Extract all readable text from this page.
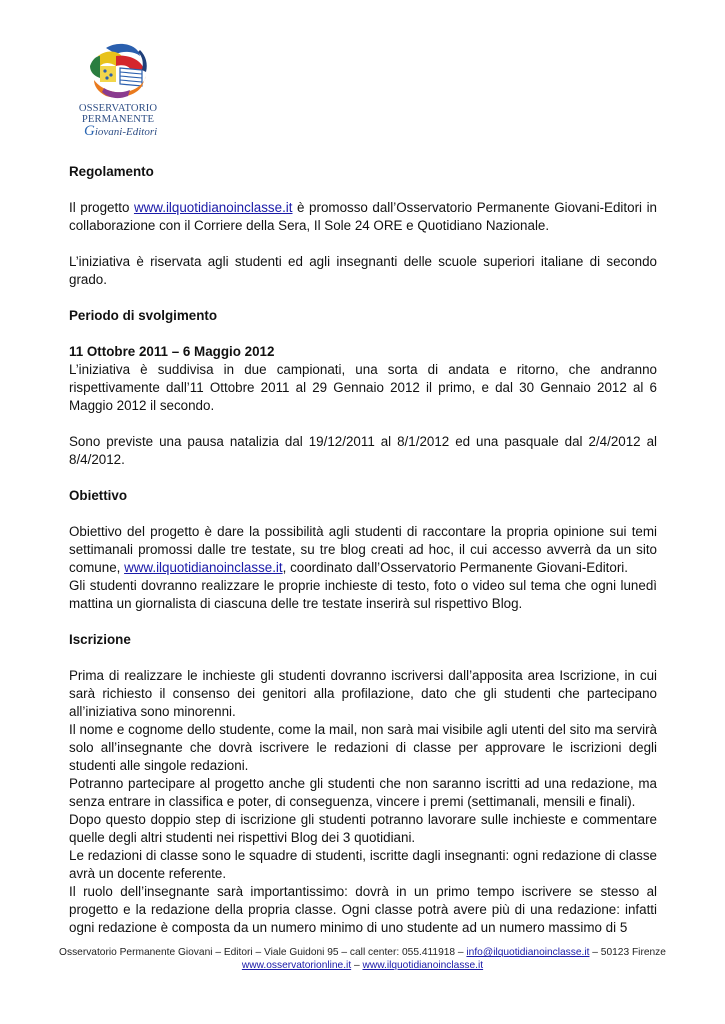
OSSERVATORIO
PERMANENTE
Giovani-Editori

Regolamento

Il progetto www.ilquotidianoinclasse.it è promosso dall’Osservatorio Permanente Giovani-Editori in collaborazione con il Corriere della Sera, Il Sole 24 ORE e Quotidiano Nazionale.

L’iniziativa è riservata agli studenti ed agli insegnanti delle scuole superiori italiane di secondo grado.

Periodo di svolgimento

11 Ottobre 2011 – 6 Maggio 2012

L’iniziativa è suddivisa in due campionati, una sorta di andata e ritorno, che andranno rispettivamente dall’11 Ottobre 2011 al 29 Gennaio 2012 il primo, e dal 30 Gennaio 2012 al 6 Maggio 2012 il secondo.

Sono previste una pausa natalizia dal 19/12/2011 al 8/1/2012 ed una pasquale dal 2/4/2012 al 8/4/2012.

Obiettivo

Obiettivo del progetto è dare la possibilità agli studenti di raccontare la propria opinione sui temi settimanali promossi dalle tre testate, su tre blog creati ad hoc, il cui accesso avverrà da un sito comune, www.ilquotidianoinclasse.it, coordinato dall’Osservatorio Permanente Giovani-Editori.

Gli studenti dovranno realizzare le proprie inchieste di testo, foto o video sul tema che ogni lunedì mattina un giornalista di ciascuna delle tre testate inserirà sul rispettivo Blog.

Iscrizione

Prima di realizzare le inchieste gli studenti dovranno iscriversi dall’apposita area Iscrizione, in cui sarà richiesto il consenso dei genitori alla profilazione, dato che gli studenti che partecipano all’iniziativa sono minorenni.

Il nome e cognome dello studente, come la mail, non sarà mai visibile agli utenti del sito ma servirà solo all’insegnante che dovrà iscrivere le redazioni di classe per approvare le iscrizioni degli studenti alle singole redazioni.

Potranno partecipare al progetto anche gli studenti che non saranno iscritti ad una redazione, ma senza entrare in classifica e poter, di conseguenza, vincere i premi (settimanali, mensili e finali).

Dopo questo doppio step di iscrizione gli studenti potranno lavorare sulle inchieste e commentare quelle degli altri studenti nei rispettivi Blog dei 3 quotidiani.

Le redazioni di classe sono le squadre di studenti, iscritte dagli insegnanti: ogni redazione di classe avrà un docente referente.

Il ruolo dell’insegnante sarà importantissimo: dovrà in un primo tempo iscrivere se stesso al progetto e la redazione della propria classe. Ogni classe potrà avere più di una redazione: infatti ogni redazione è composta da un numero minimo di uno studente ad un numero massimo di 5

Osservatorio Permanente Giovani – Editori – Viale Guidoni 95 – call center: 055.411918 – info@ilquotidianoinclasse.it – 50123 Firenze
www.osservatorionline.it – www.ilquotidianoinclasse.it
